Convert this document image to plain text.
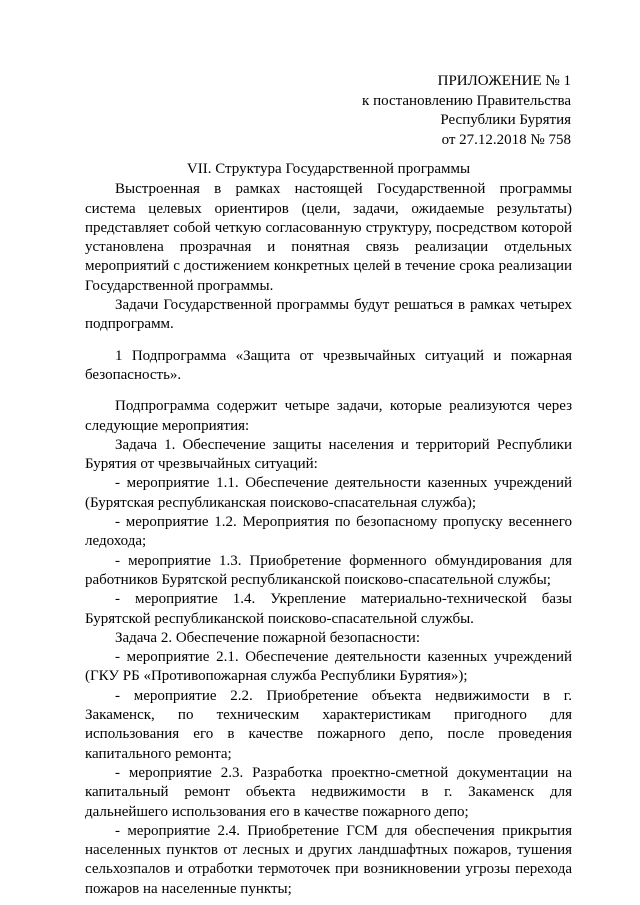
ПРИЛОЖЕНИЕ № 1
к постановлению Правительства
Республики Бурятия
от 27.12.2018 № 758
VII. Структура Государственной программы

Выстроенная в рамках настоящей Государственной программы система целевых ориентиров (цели, задачи, ожидаемые результаты) представляет собой четкую согласованную структуру, посредством которой установлена прозрачная и понятная связь реализации отдельных мероприятий с достижением конкретных целей в течение срока реализации Государственной программы.

Задачи Государственной программы будут решаться в рамках четырех подпрограмм.

1 Подпрограмма «Защита от чрезвычайных ситуаций и пожарная безопасность».

Подпрограмма содержит четыре задачи, которые реализуются через следующие мероприятия:

Задача 1. Обеспечение защиты населения и территорий Республики Бурятия от чрезвычайных ситуаций:

- мероприятие 1.1. Обеспечение деятельности казенных учреждений (Бурятская республиканская поисково-спасательная служба);

- мероприятие 1.2. Мероприятия по безопасному пропуску весеннего ледохода;

- мероприятие 1.3. Приобретение форменного обмундирования для работников Бурятской республиканской поисково-спасательной службы;

- мероприятие 1.4. Укрепление материально-технической базы Бурятской республиканской поисково-спасательной службы.

Задача 2. Обеспечение пожарной безопасности:

- мероприятие 2.1. Обеспечение деятельности казенных учреждений (ГКУ РБ «Противопожарная служба Республики Бурятия»);

- мероприятие 2.2. Приобретение объекта недвижимости в г. Закаменск, по техническим характеристикам пригодного для использования его в качестве пожарного депо, после проведения капитального ремонта;

- мероприятие 2.3. Разработка проектно-сметной документации на капитальный ремонт объекта недвижимости в г. Закаменск для дальнейшего использования его в качестве пожарного депо;

- мероприятие 2.4. Приобретение ГСМ для обеспечения прикрытия населенных пунктов от лесных и других ландшафтных пожаров, тушения сельхозпалов и отработки термоточек при возникновении угрозы перехода пожаров на населенные пункты;
